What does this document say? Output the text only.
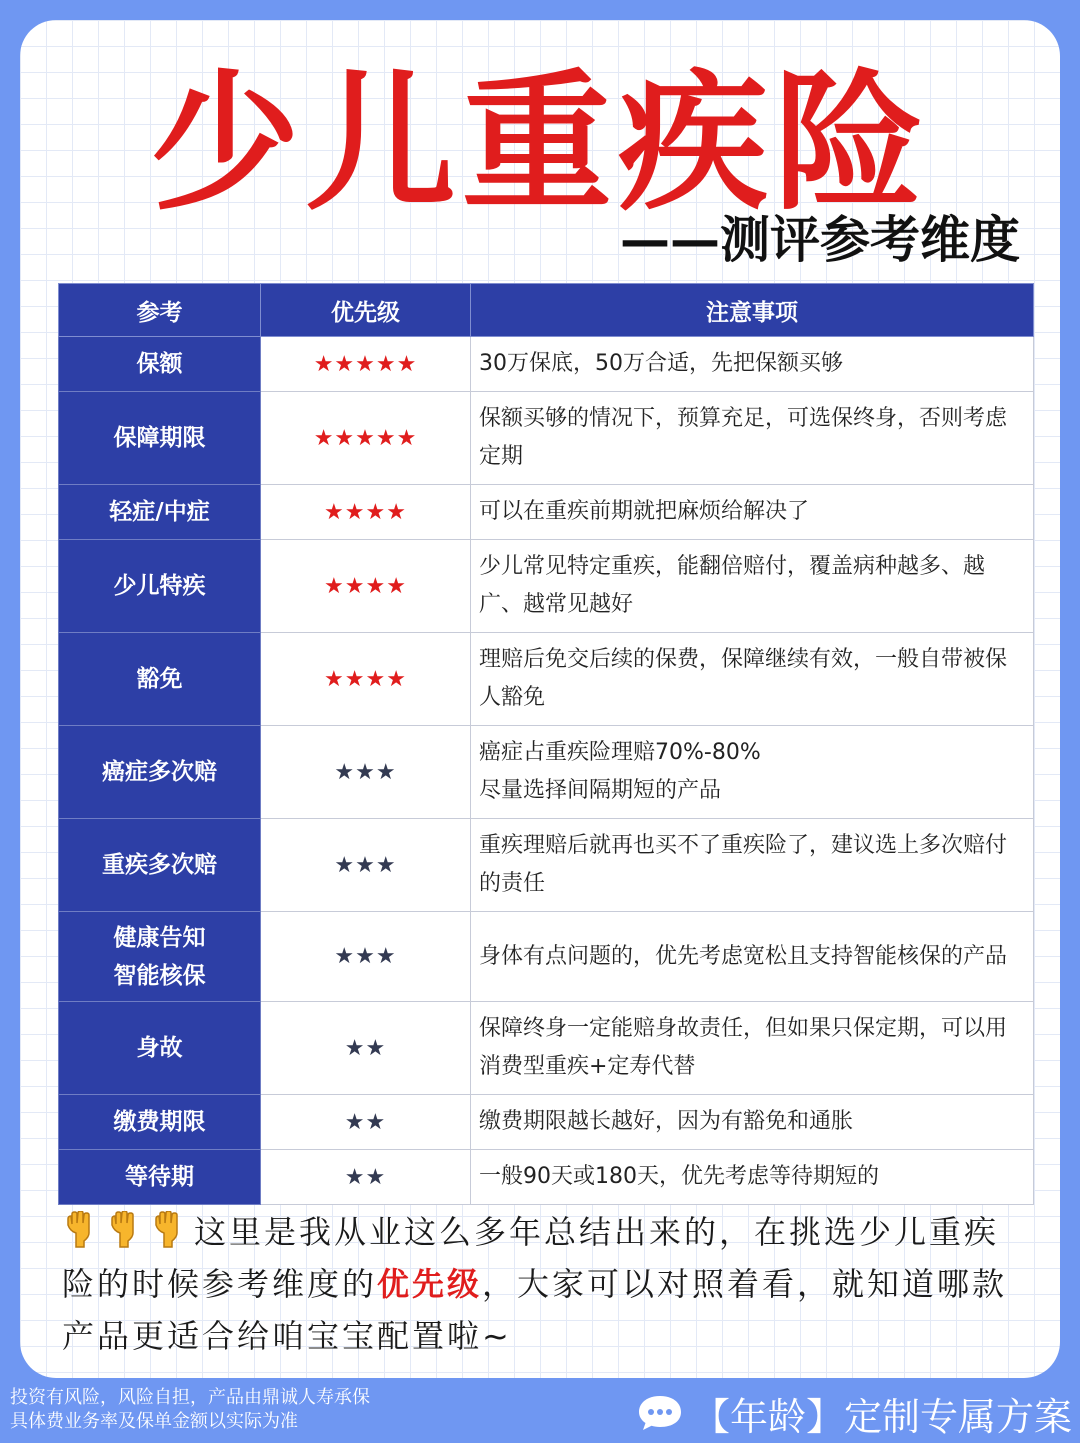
少儿重疾险
——测评参考维度
参考	优先级	注意事项
保额	★★★★★	30万保底，50万合适，先把保额买够
保障期限	★★★★★	保额买够的情况下，预算充足，可选保终身，否则考虑定期
轻症/中症	★★★★	可以在重疾前期就把麻烦给解决了
少儿特疾	★★★★	少儿常见特定重疾，能翻倍赔付，覆盖病种越多、越广、越常见越好
豁免	★★★★	理赔后免交后续的保费，保障继续有效，一般自带被保人豁免
癌症多次赔	★★★	癌症占重疾险理赔70%-80%
尽量选择间隔期短的产品
重疾多次赔	★★★	重疾理赔后就再也买不了重疾险了，建议选上多次赔付的责任
健康告知
智能核保	★★★	身体有点问题的，优先考虑宽松且支持智能核保的产品
身故	★★	保障终身一定能赔身故责任，但如果只保定期，可以用消费型重疾+定寿代替
缴费期限	★★	缴费期限越长越好，因为有豁免和通胀
等待期	★★	一般90天或180天，优先考虑等待期短的
这里是我从业这么多年总结出来的，在挑选少儿重疾险的时候参考维度的优先级，大家可以对照着看，就知道哪款产品更适合给咱宝宝配置啦~
投资有风险，风险自担，产品由鼎诚人寿承保
具体费业务率及保单金额以实际为准	【年龄】定制专属方案
